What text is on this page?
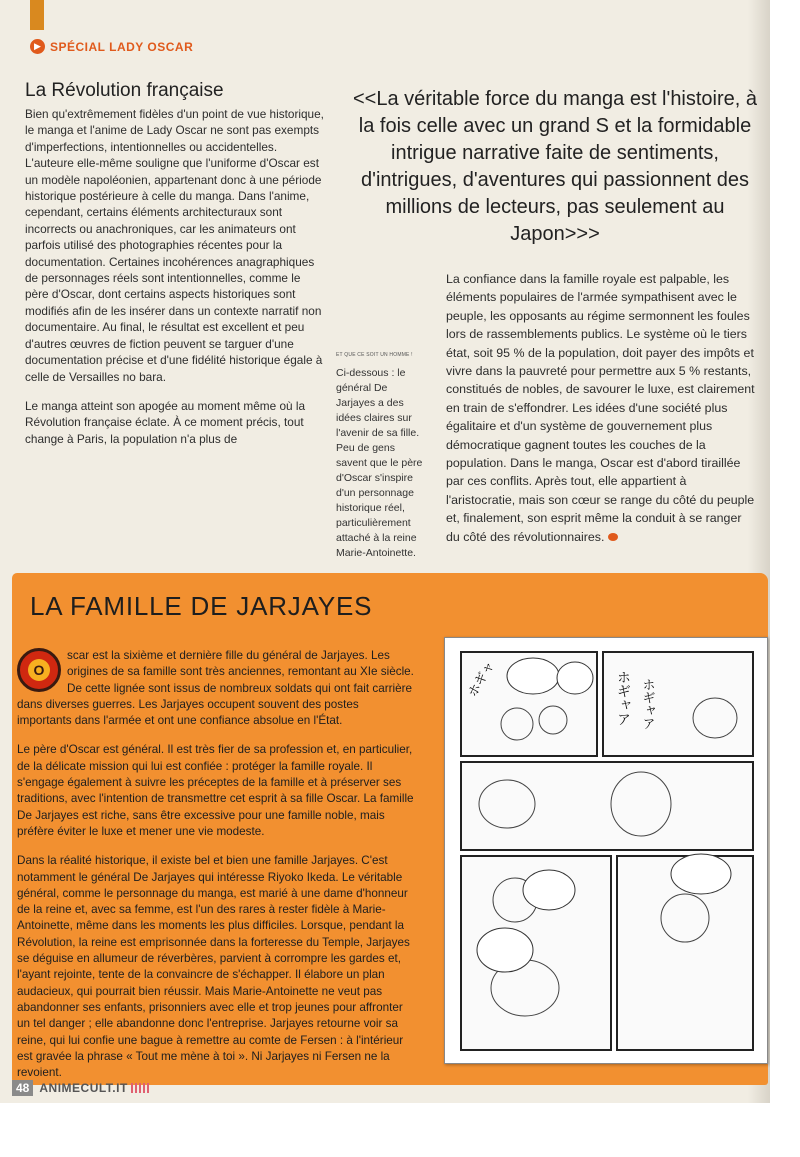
▶ SPÉCIAL LADY OSCAR
La Révolution française

Bien qu'extrêmement fidèles d'un point de vue historique, le manga et l'anime de Lady Oscar ne sont pas exempts d'imperfections, intentionnelles ou accidentelles. L'auteure elle-même souligne que l'uniforme d'Oscar est un modèle napoléonien, appartenant donc à une période historique postérieure à celle du manga. Dans l'anime, cependant, certains éléments architecturaux sont incorrects ou anachroniques, car les animateurs ont parfois utilisé des photographies récentes pour la documentation. Certaines incohérences anagraphiques de personnages réels sont intentionnelles, comme le père d'Oscar, dont certains aspects historiques sont modifiés afin de les insérer dans un contexte narratif non documentaire. Au final, le résultat est excellent et peu d'autres œuvres de fiction peuvent se targuer d'une documentation précise et d'une fidélité historique égale à celle de Versailles no bara.

Le manga atteint son apogée au moment même où la Révolution française éclate. À ce moment précis, tout change à Paris, la population n'a plus de

<<La véritable force du manga est l'histoire, à la fois celle avec un grand S et la formidable intrigue narrative faite de sentiments, d'intrigues, d'aventures qui passionnent des millions de lecteurs, pas seulement au Japon>>>
ET QUE CE SOIT UN HOMME !
Ci-dessous : le général De Jarjayes a des idées claires sur l'avenir de sa fille. Peu de gens savent que le père d'Oscar s'inspire d'un personnage historique réel, particulièrement attaché à la reine Marie-Antoinette.
La confiance dans la famille royale est palpable, les éléments populaires de l'armée sympathisent avec le peuple, les opposants au régime sermonnent les foules lors de rassemblements publics. Le système où le tiers état, soit 95 % de la population, doit payer des impôts et vivre dans la pauvreté pour permettre aux 5 % restants, constitués de nobles, de savourer le luxe, est clairement en train de s'effondrer. Les idées d'une société plus égalitaire et d'un système de gouvernement plus démocratique gagnent toutes les couches de la population. Dans le manga, Oscar est d'abord tiraillée par ces conflits. Après tout, elle appartient à l'aristocratie, mais son cœur se range du côté du peuple et, finalement, son esprit même la conduit à se ranger du côté des révolutionnaires.
LA FAMILLE DE JARJAYES

O
scar est la sixième et dernière fille du général de Jarjayes. Les origines de sa famille sont très anciennes, remontant au XIe siècle. De cette lignée sont issus de nombreux soldats qui ont fait carrière dans diverses guerres. Les Jarjayes occupent souvent des postes importants dans l'armée et ont une confiance absolue en l'État.

Le père d'Oscar est général. Il est très fier de sa profession et, en particulier, de la délicate mission qui lui est confiée : protéger la famille royale. Il s'engage également à suivre les préceptes de la famille et à préserver ses traditions, avec l'intention de transmettre cet esprit à sa fille Oscar. La famille De Jarjayes est riche, sans être excessive pour une famille noble, mais préfère éviter le luxe et mener une vie modeste.

Dans la réalité historique, il existe bel et bien une famille Jarjayes. C'est notamment le général De Jarjayes qui intéresse Riyoko Ikeda. Le véritable général, comme le personnage du manga, est marié à une dame d'honneur de la reine et, avec sa femme, est l'un des rares à rester fidèle à Marie-Antoinette, même dans les moments les plus difficiles. Lorsque, pendant la Révolution, la reine est emprisonnée dans la forteresse du Temple, Jarjayes se déguise en allumeur de réverbères, parvient à corrompre les gardes et, l'ayant rejointe, tente de la convaincre de s'échapper. Il élabore un plan audacieux, qui pourrait bien réussir. Mais Marie-Antoinette ne veut pas abandonner ses enfants, prisonniers avec elle et trop jeunes pour affronter un tel danger ; elle abandonne donc l'entreprise. Jarjayes retourne voir sa reine, qui lui confie une bague à remettre au comte de Fersen : à l'intérieur est gravée la phrase « Tout me mène à toi ». Ni Jarjayes ni Fersen ne la revoient.

ホギャ	ホギャア ホギャア
48 ANIMECULT.IT
